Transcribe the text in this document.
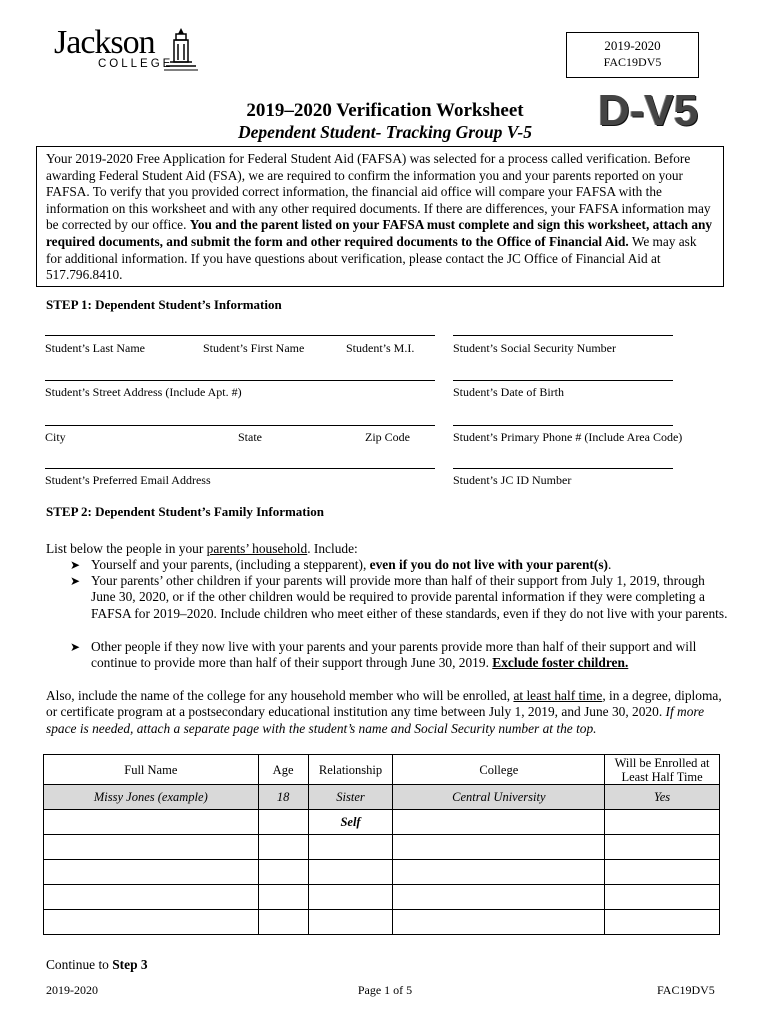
Jackson
COLLEGE
2019-2020
FAC19DV5
D-V5
2019–2020 Verification Worksheet
Dependent Student- Tracking Group V-5
Your 2019-2020 Free Application for Federal Student Aid (FAFSA) was selected for a process called verification. Before awarding Federal Student Aid (FSA), we are required to confirm the information you and your parents reported on your FAFSA. To verify that you provided correct information, the financial aid office will compare your FAFSA with the information on this worksheet and with any other required documents. If there are differences, your FAFSA information may be corrected by our office. You and the parent listed on your FAFSA must complete and sign this worksheet, attach any required documents, and submit the form and other required documents to the Office of Financial Aid. We may ask for additional information. If you have questions about verification, please contact the JC Office of Financial Aid at 517.796.8410.
STEP 1: Dependent Student’s Information
Student’s Last Name	Student’s First Name	Student’s M.I.	Student’s Social Security Number
Student’s Street Address (Include Apt. #)	Student’s Date of Birth
City	State	Zip Code	Student’s Primary Phone # (Include Area Code)
Student’s Preferred Email Address	Student’s JC ID Number
STEP 2: Dependent Student’s Family Information
List below the people in your parents’ household. Include:
➤ Yourself and your parents, (including a stepparent), even if you do not live with your parent(s).
➤ Your parents’ other children if your parents will provide more than half of their support from July 1, 2019, through June 30, 2020, or if the other children would be required to provide parental information if they were completing a FAFSA for 2019–2020. Include children who meet either of these standards, even if they do not live with your parents.
➤ Other people if they now live with your parents and your parents provide more than half of their support and will continue to provide more than half of their support through June 30, 2019. Exclude foster children.
Also, include the name of the college for any household member who will be enrolled, at least half time, in a degree, diploma, or certificate program at a postsecondary educational institution any time between July 1, 2019, and June 30, 2020. If more space is needed, attach a separate page with the student’s name and Social Security number at the top.
Full Name	Age	Relationship	College	Will be Enrolled at Least Half Time
Missy Jones (example)	18	Sister	Central University	Yes
		Self		

Continue to Step 3
2019-2020	Page 1 of 5	FAC19DV5
